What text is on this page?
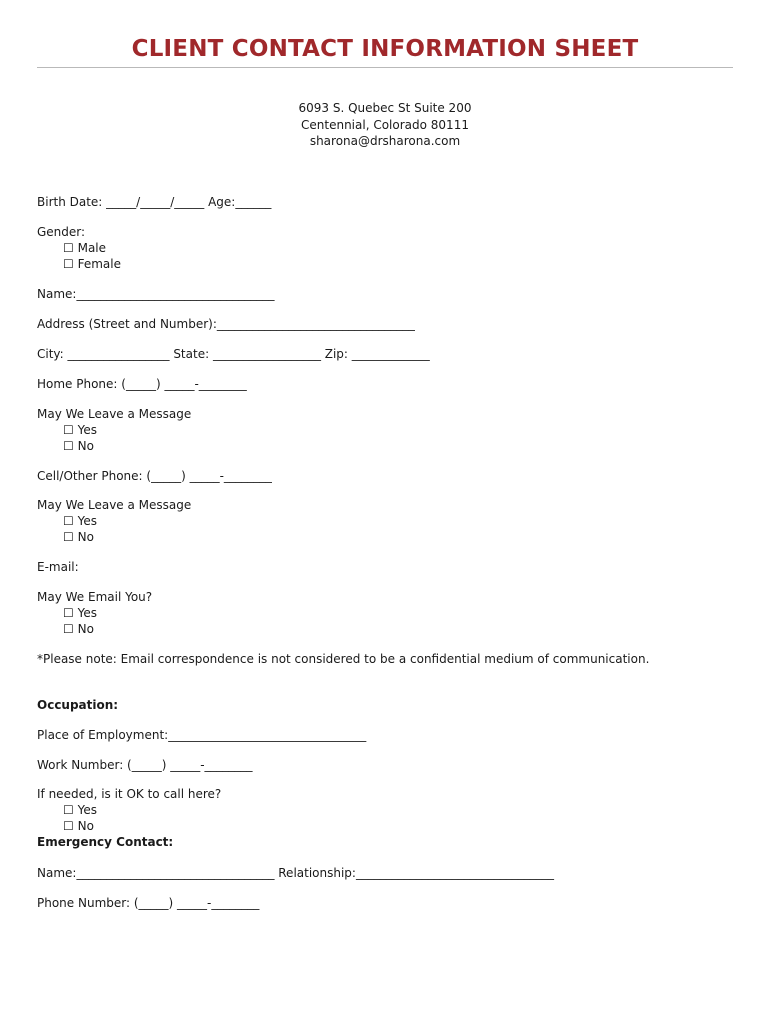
CLIENT CONTACT INFORMATION SHEET
6093 S. Quebec St Suite 200
Centennial, Colorado 80111
sharona@drsharona.com
Birth Date: _____/_____/_____ Age:______
Gender:
☐ Male
☐ Female
Name:_________________________________
Address (Street and Number):_________________________________
City: _________________ State: __________________ Zip: _____________
Home Phone: (_____) _____-________
May We Leave a Message
☐ Yes
☐ No
Cell/Other Phone: (_____) _____-________
May We Leave a Message
☐ Yes
☐ No
E-mail:
May We Email You?
☐ Yes
☐ No
*Please note: Email correspondence is not considered to be a confidential medium of communication.
Occupation:
Place of Employment:_________________________________
Work Number: (_____) _____-________
If needed, is it OK to call here?
☐ Yes
☐ No
Emergency Contact:
Name:_________________________________ Relationship:_________________________________
Phone Number: (_____) _____-________
